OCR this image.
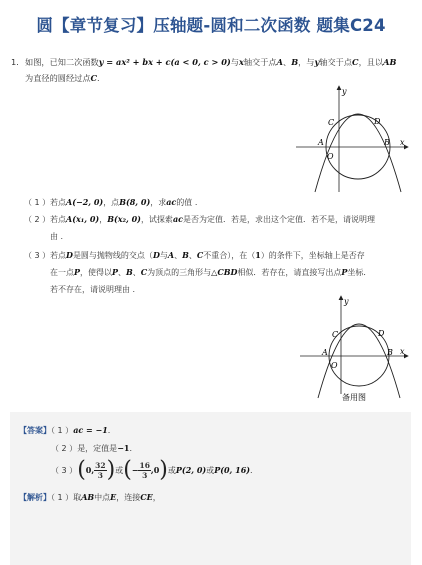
圆【章节复习】压轴题-圆和二次函数 题集C24
1. 如图，已知二次函数y = ax² + bx + c(a < 0, c > 0)与x轴交于点A、B，与y轴交于点C，且以AB
为直径的圆经过点C.
y
x
C	D
A	B
O
（ 1 ）若点A(−2, 0)，点B(8, 0)，求ac的值 .
（ 2 ）若点A(x₁, 0)，B(x₂, 0)，试探索ac是否为定值．若是，求出这个定值．若不是，请说明理
由 .
（ 3 ）若点D是圆与抛物线的交点（D与A、B、C不重合），在（1）的条件下，坐标轴上是否存
在一点P，使得以P、B、C为顶点的三角形与△CBD相似．若存在，请直接写出点P坐标．
若不存在，请说明理由 .
y
x
C	D
A	B
O
备用图
【答案】（ 1 ）ac = −1.
（ 2 ）是，定值是−1.
（ 3 ）(0, $\frac{32}{3}$ )或(− $\frac{16}{3} ,0$)或P(2, 0)或P(0, 16).
【解析】（ 1 ）取AB中点E，连接CE，
